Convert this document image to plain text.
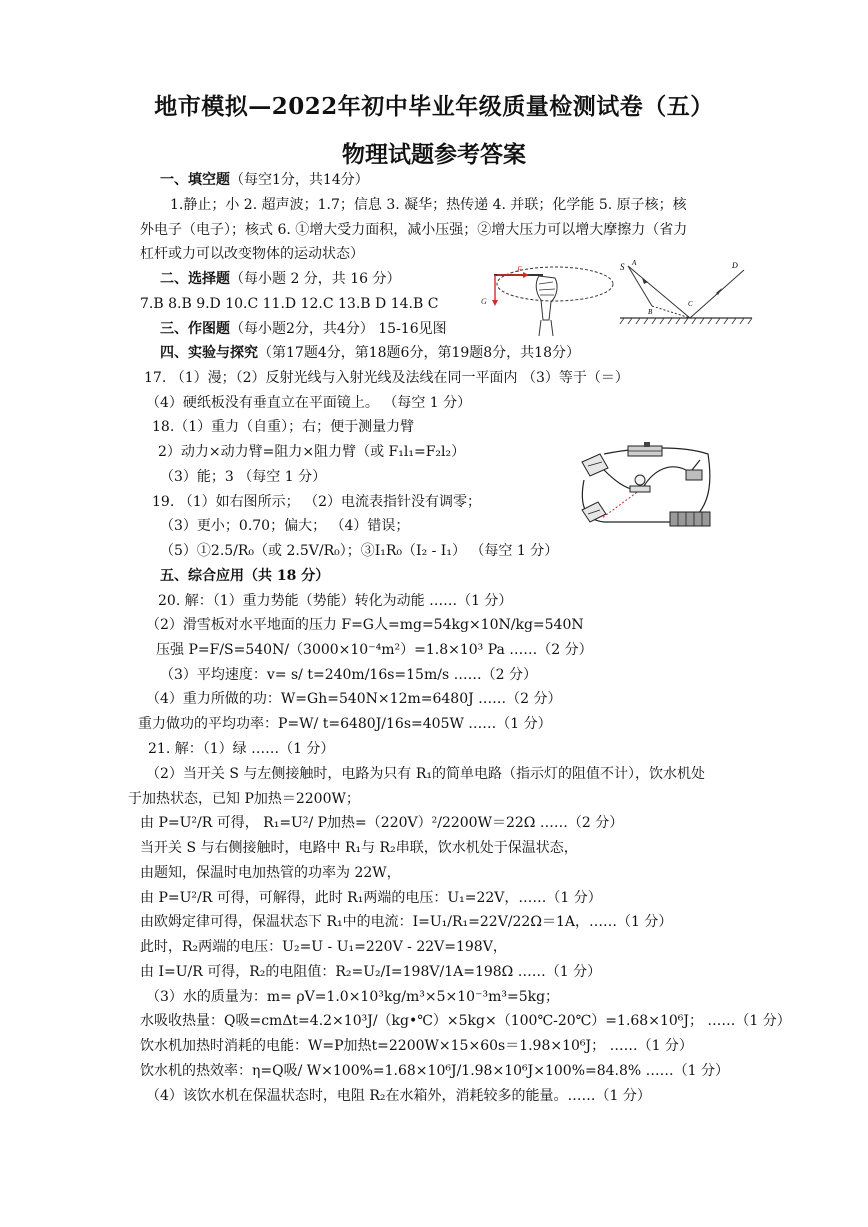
地市模拟—2022年初中毕业年级质量检测试卷（五）
物理试题参考答案
一、填空题（每空1分，共14分）
1.静止；小 2. 超声波；1.7；信息 3. 凝华；热传递 4. 并联；化学能 5. 原子核；核
外电子（电子）；核式 6. ①增大受力面积，减小压强；②增大压力可以增大摩擦力（省力
杠杆或力可以改变物体的运动状态）
二、选择题（每小题 2 分，共 16 分）
7.B 8.B 9.D 10.C 11.D 12.C 13.B D 14.B C
三、作图题（每小题2分，共4分） 15-16见图
F
G
S A
B
C
D
四、实验与探究（第17题4分，第18题6分，第19题8分，共18分）
17. （1）漫；（2）反射光线与入射光线及法线在同一平面内 （3）等于（＝）
（4）硬纸板没有垂直立在平面镜上。 （每空 1 分）
18.（1）重力（自重）；右；便于测量力臂
2）动力×动力臂=阻力×阻力臂（或 F₁l₁=F₂l₂）
（3）能；3 （每空 1 分）
19. （1）如右图所示； （2）电流表指针没有调零；
（3）更小；0.70；偏大； （4）错误；
（5）①2.5/R₀（或 2.5V/R₀）；③I₁R₀（I₂ - I₁） （每空 1 分）
五、综合应用（共 18 分）
20. 解：（1）重力势能（势能）转化为动能 ……（1 分）
（2）滑雪板对水平地面的压力 F=G人=mg=54kg×10N/kg=540N
压强 P=F/S=540N/（3000×10⁻⁴m²）=1.8×10³ Pa ……（2 分）
（3）平均速度：v= s/ t=240m/16s=15m/s ……（2 分）
（4）重力所做的功：W=Gh=540N×12m=6480J ……（2 分）
重力做功的平均功率：P=W/ t=6480J/16s=405W ……（1 分）
21. 解：（1）绿 ……（1 分）
（2）当开关 S 与左侧接触时，电路为只有 R₁的简单电路（指示灯的阻值不计），饮水机处
于加热状态，已知 P加热＝2200W；
由 P=U²/R 可得， R₁=U²/ P加热=（220V）²/2200W＝22Ω ……（2 分）
当开关 S 与右侧接触时，电路中 R₁与 R₂串联，饮水机处于保温状态，
由题知，保温时电加热管的功率为 22W，
由 P=U²/R 可得，可解得，此时 R₁两端的电压：U₁=22V，……（1 分）
由欧姆定律可得，保温状态下 R₁中的电流：I=U₁/R₁=22V/22Ω＝1A，……（1 分）
此时，R₂两端的电压：U₂=U - U₁=220V - 22V=198V，
由 I=U/R 可得，R₂的电阻值：R₂=U₂/I=198V/1A=198Ω ……（1 分）
（3）水的质量为：m= ρV=1.0×10³kg/m³×5×10⁻³m³=5kg；
水吸收热量：Q吸=cmΔt=4.2×10³J/（kg•℃）×5kg×（100℃-20℃）=1.68×10⁶J； ……（1 分）
饮水机加热时消耗的电能：W=P加热t=2200W×15×60s＝1.98×10⁶J； ……（1 分）
饮水机的热效率：η=Q吸/ W×100%=1.68×10⁶J/1.98×10⁶J×100%=84.8% ……（1 分）
（4）该饮水机在保温状态时，电阻 R₂在水箱外，消耗较多的能量。……（1 分）
